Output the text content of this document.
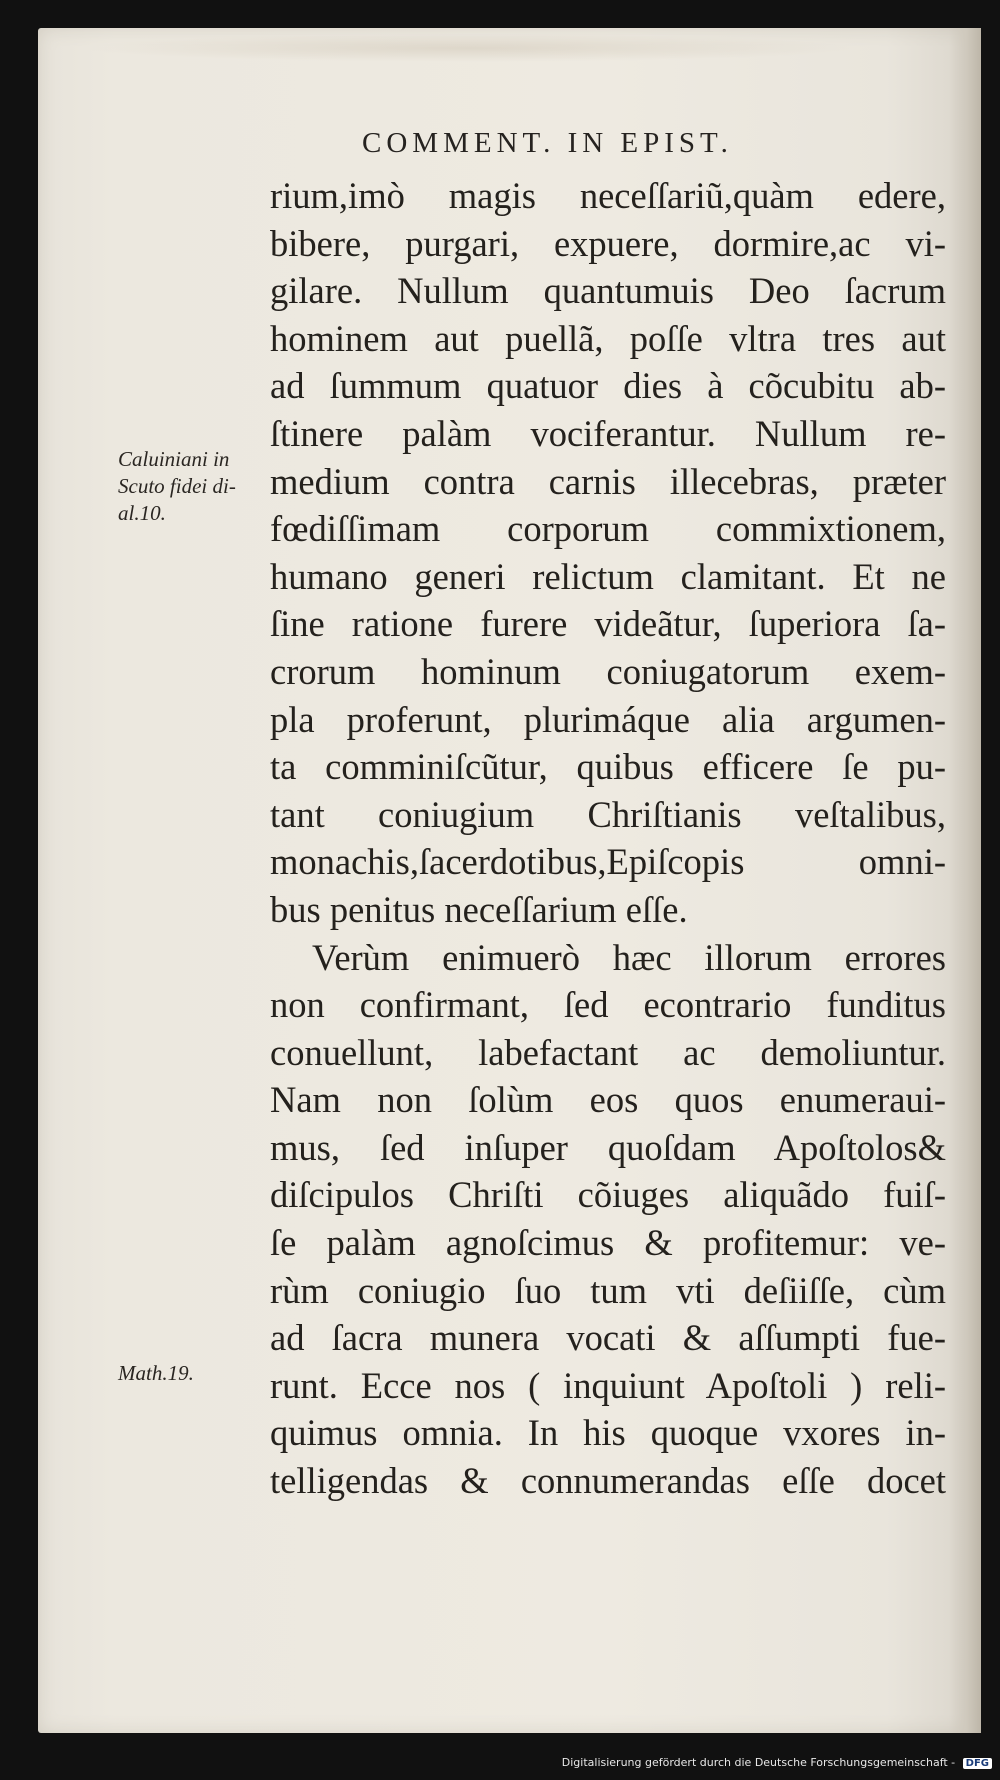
COMMENT. IN EPIST.
Caluiniani in
Scuto fidei di-
al.10.
Math.19.
rium,imò magis neceſſariũ,quàm edere,
bibere, purgari, expuere, dormire,ac vi-
gilare. Nullum quantumuis Deo ſacrum
hominem aut puellã, poſſe vltra tres aut
ad ſummum quatuor dies à cõcubitu ab-
ſtinere palàm vociferantur. Nullum re-
medium contra carnis illecebras, præter
fœdiſſimam corporum commixtionem,
humano generi relictum clamitant. Et ne
ſine ratione furere videãtur, ſuperiora ſa-
crorum hominum coniugatorum exem-
pla proferunt, plurimáque alia argumen-
ta comminiſcũtur, quibus efficere ſe pu-
tant coniugium Chriſtianis veſtalibus,
monachis,ſacerdotibus,Epiſcopis omni-
bus penitus neceſſarium eſſe.
Verùm enimuerò hæc illorum errores
non confirmant, ſed econtrario funditus
conuellunt, labefactant ac demoliuntur.
Nam non ſolùm eos quos enumeraui-
mus, ſed inſuper quoſdam Apoſtolos&
diſcipulos Chriſti cõiuges aliquãdo fuiſ-
ſe palàm agnoſcimus & profitemur: ve-
rùm coniugio ſuo tum vti deſiiſſe, cùm
ad ſacra munera vocati & aſſumpti fue-
runt. Ecce nos ( inquiunt Apoſtoli ) reli-
quimus omnia. In his quoque vxores in-
telligendas & connumerandas eſſe docet
Digitalisierung gefördert durch die Deutsche Forschungsgemeinschaft - DFG
